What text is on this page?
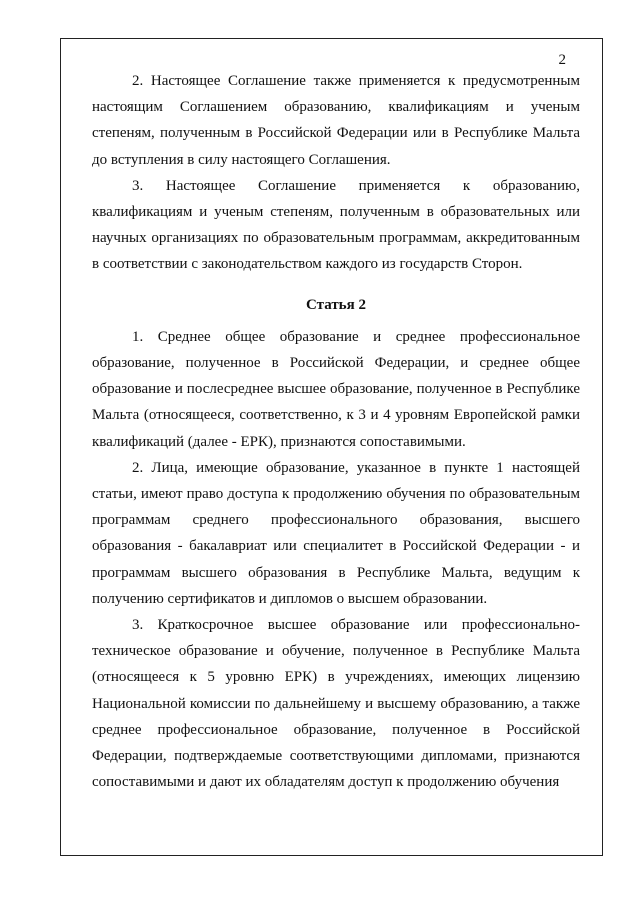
2

2. Настоящее Соглашение также применяется к предусмотренным настоящим Соглашением образованию, квалификациям и ученым степеням, полученным в Российской Федерации или в Республике Мальта до вступления в силу настоящего Соглашения.

3. Настоящее Соглашение применяется к образованию, квалификациям и ученым степеням, полученным в образовательных или научных организациях по образовательным программам, аккредитованным в соответствии с законодательством каждого из государств Сторон.

Статья 2

1. Среднее общее образование и среднее профессиональное образование, полученное в Российской Федерации, и среднее общее образование и послесреднее высшее образование, полученное в Республике Мальта (относящееся, соответственно, к 3 и 4 уровням Европейской рамки квалификаций (далее - ЕРК), признаются сопоставимыми.

2. Лица, имеющие образование, указанное в пункте 1 настоящей статьи, имеют право доступа к продолжению обучения по образовательным программам среднего профессионального образования, высшего образования - бакалавриат или специалитет в Российской Федерации - и программам высшего образования в Республике Мальта, ведущим к получению сертификатов и дипломов о высшем образовании.

3. Краткосрочное высшее образование или профессионально-техническое образование и обучение, полученное в Республике Мальта (относящееся к 5 уровню ЕРК) в учреждениях, имеющих лицензию Национальной комиссии по дальнейшему и высшему образованию, а также среднее профессиональное образование, полученное в Российской Федерации, подтверждаемые соответствующими дипломами, признаются сопоставимыми и дают их обладателям доступ к продолжению обучения
